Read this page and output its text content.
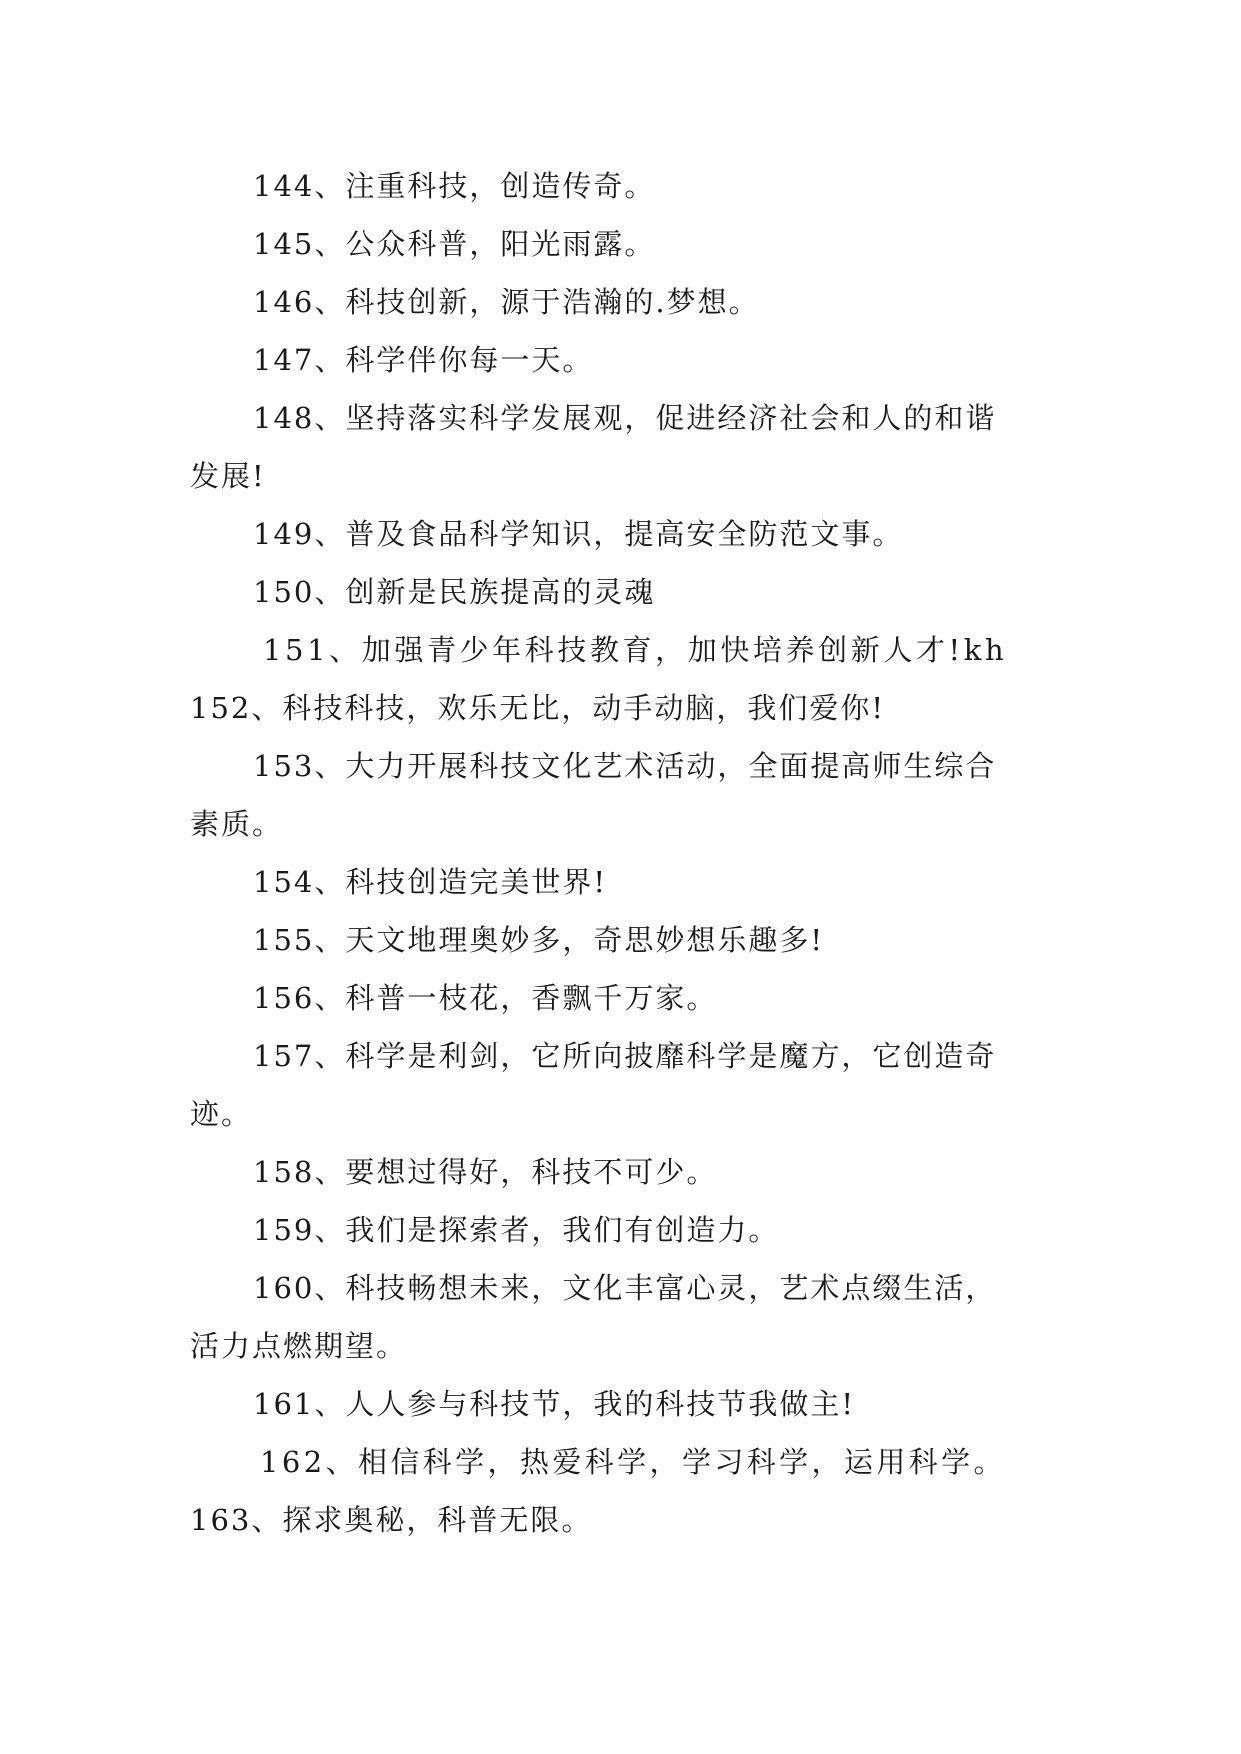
144、注重科技，创造传奇。
145、公众科普，阳光雨露。
146、科技创新，源于浩瀚的.梦想。
147、科学伴你每一天。
148、坚持落实科学发展观，促进经济社会和人的和谐
发展!
149、普及食品科学知识，提高安全防范文事。
150、创新是民族提高的灵魂
151、加强青少年科技教育，加快培养创新人才!kh
152、科技科技，欢乐无比，动手动脑，我们爱你!
153、大力开展科技文化艺术活动，全面提高师生综合
素质。
154、科技创造完美世界!
155、天文地理奥妙多，奇思妙想乐趣多!
156、科普一枝花，香飘千万家。
157、科学是利剑，它所向披靡科学是魔方，它创造奇
迹。
158、要想过得好，科技不可少。
159、我们是探索者，我们有创造力。
160、科技畅想未来，文化丰富心灵，艺术点缀生活，
活力点燃期望。
161、人人参与科技节，我的科技节我做主!
162、相信科学，热爱科学，学习科学，运用科学。
163、探求奥秘，科普无限。
